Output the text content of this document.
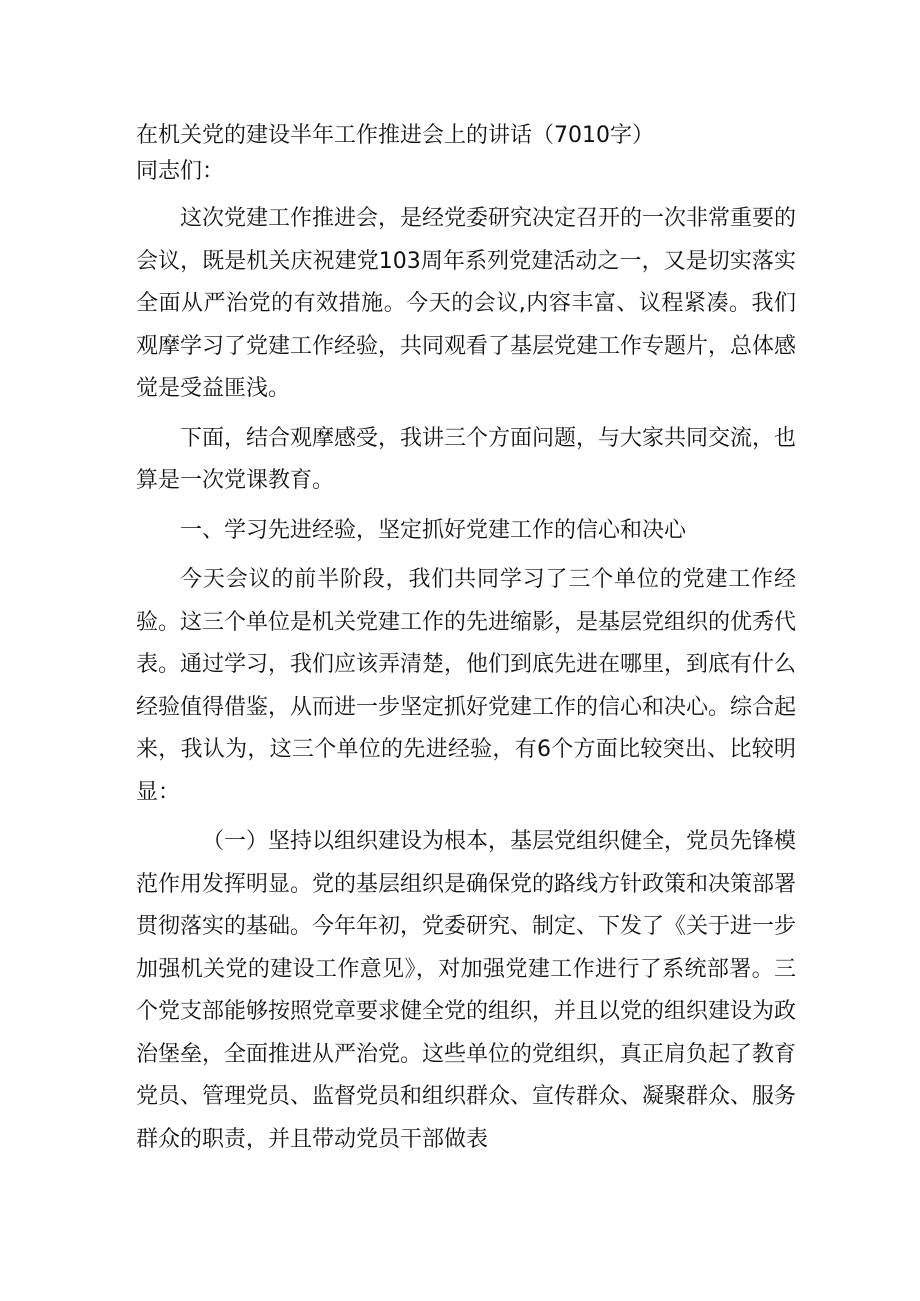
在机关党的建设半年工作推进会上的讲话（7010字）

同志们：

这次党建工作推进会，是经党委研究决定召开的一次非常重要的会议，既是机关庆祝建党103周年系列党建活动之一，又是切实落实全面从严治党的有效措施。今天的会议,内容丰富、议程紧凑。我们观摩学习了党建工作经验，共同观看了基层党建工作专题片，总体感觉是受益匪浅。

下面，结合观摩感受，我讲三个方面问题，与大家共同交流，也算是一次党课教育。

一、学习先进经验，坚定抓好党建工作的信心和决心

今天会议的前半阶段，我们共同学习了三个单位的党建工作经验。这三个单位是机关党建工作的先进缩影，是基层党组织的优秀代表。通过学习，我们应该弄清楚，他们到底先进在哪里，到底有什么经验值得借鉴，从而进一步坚定抓好党建工作的信心和决心。综合起来，我认为，这三个单位的先进经验，有6个方面比较突出、比较明显：

（一）坚持以组织建设为根本，基层党组织健全，党员先锋模范作用发挥明显。党的基层组织是确保党的路线方针政策和决策部署贯彻落实的基础。今年年初，党委研究、制定、下发了《关于进一步加强机关党的建设工作意见》，对加强党建工作进行了系统部署。三个党支部能够按照党章要求健全党的组织，并且以党的组织建设为政治堡垒，全面推进从严治党。这些单位的党组织，真正肩负起了教育党员、管理党员、监督党员和组织群众、宣传群众、凝聚群众、服务群众的职责，并且带动党员干部做表
